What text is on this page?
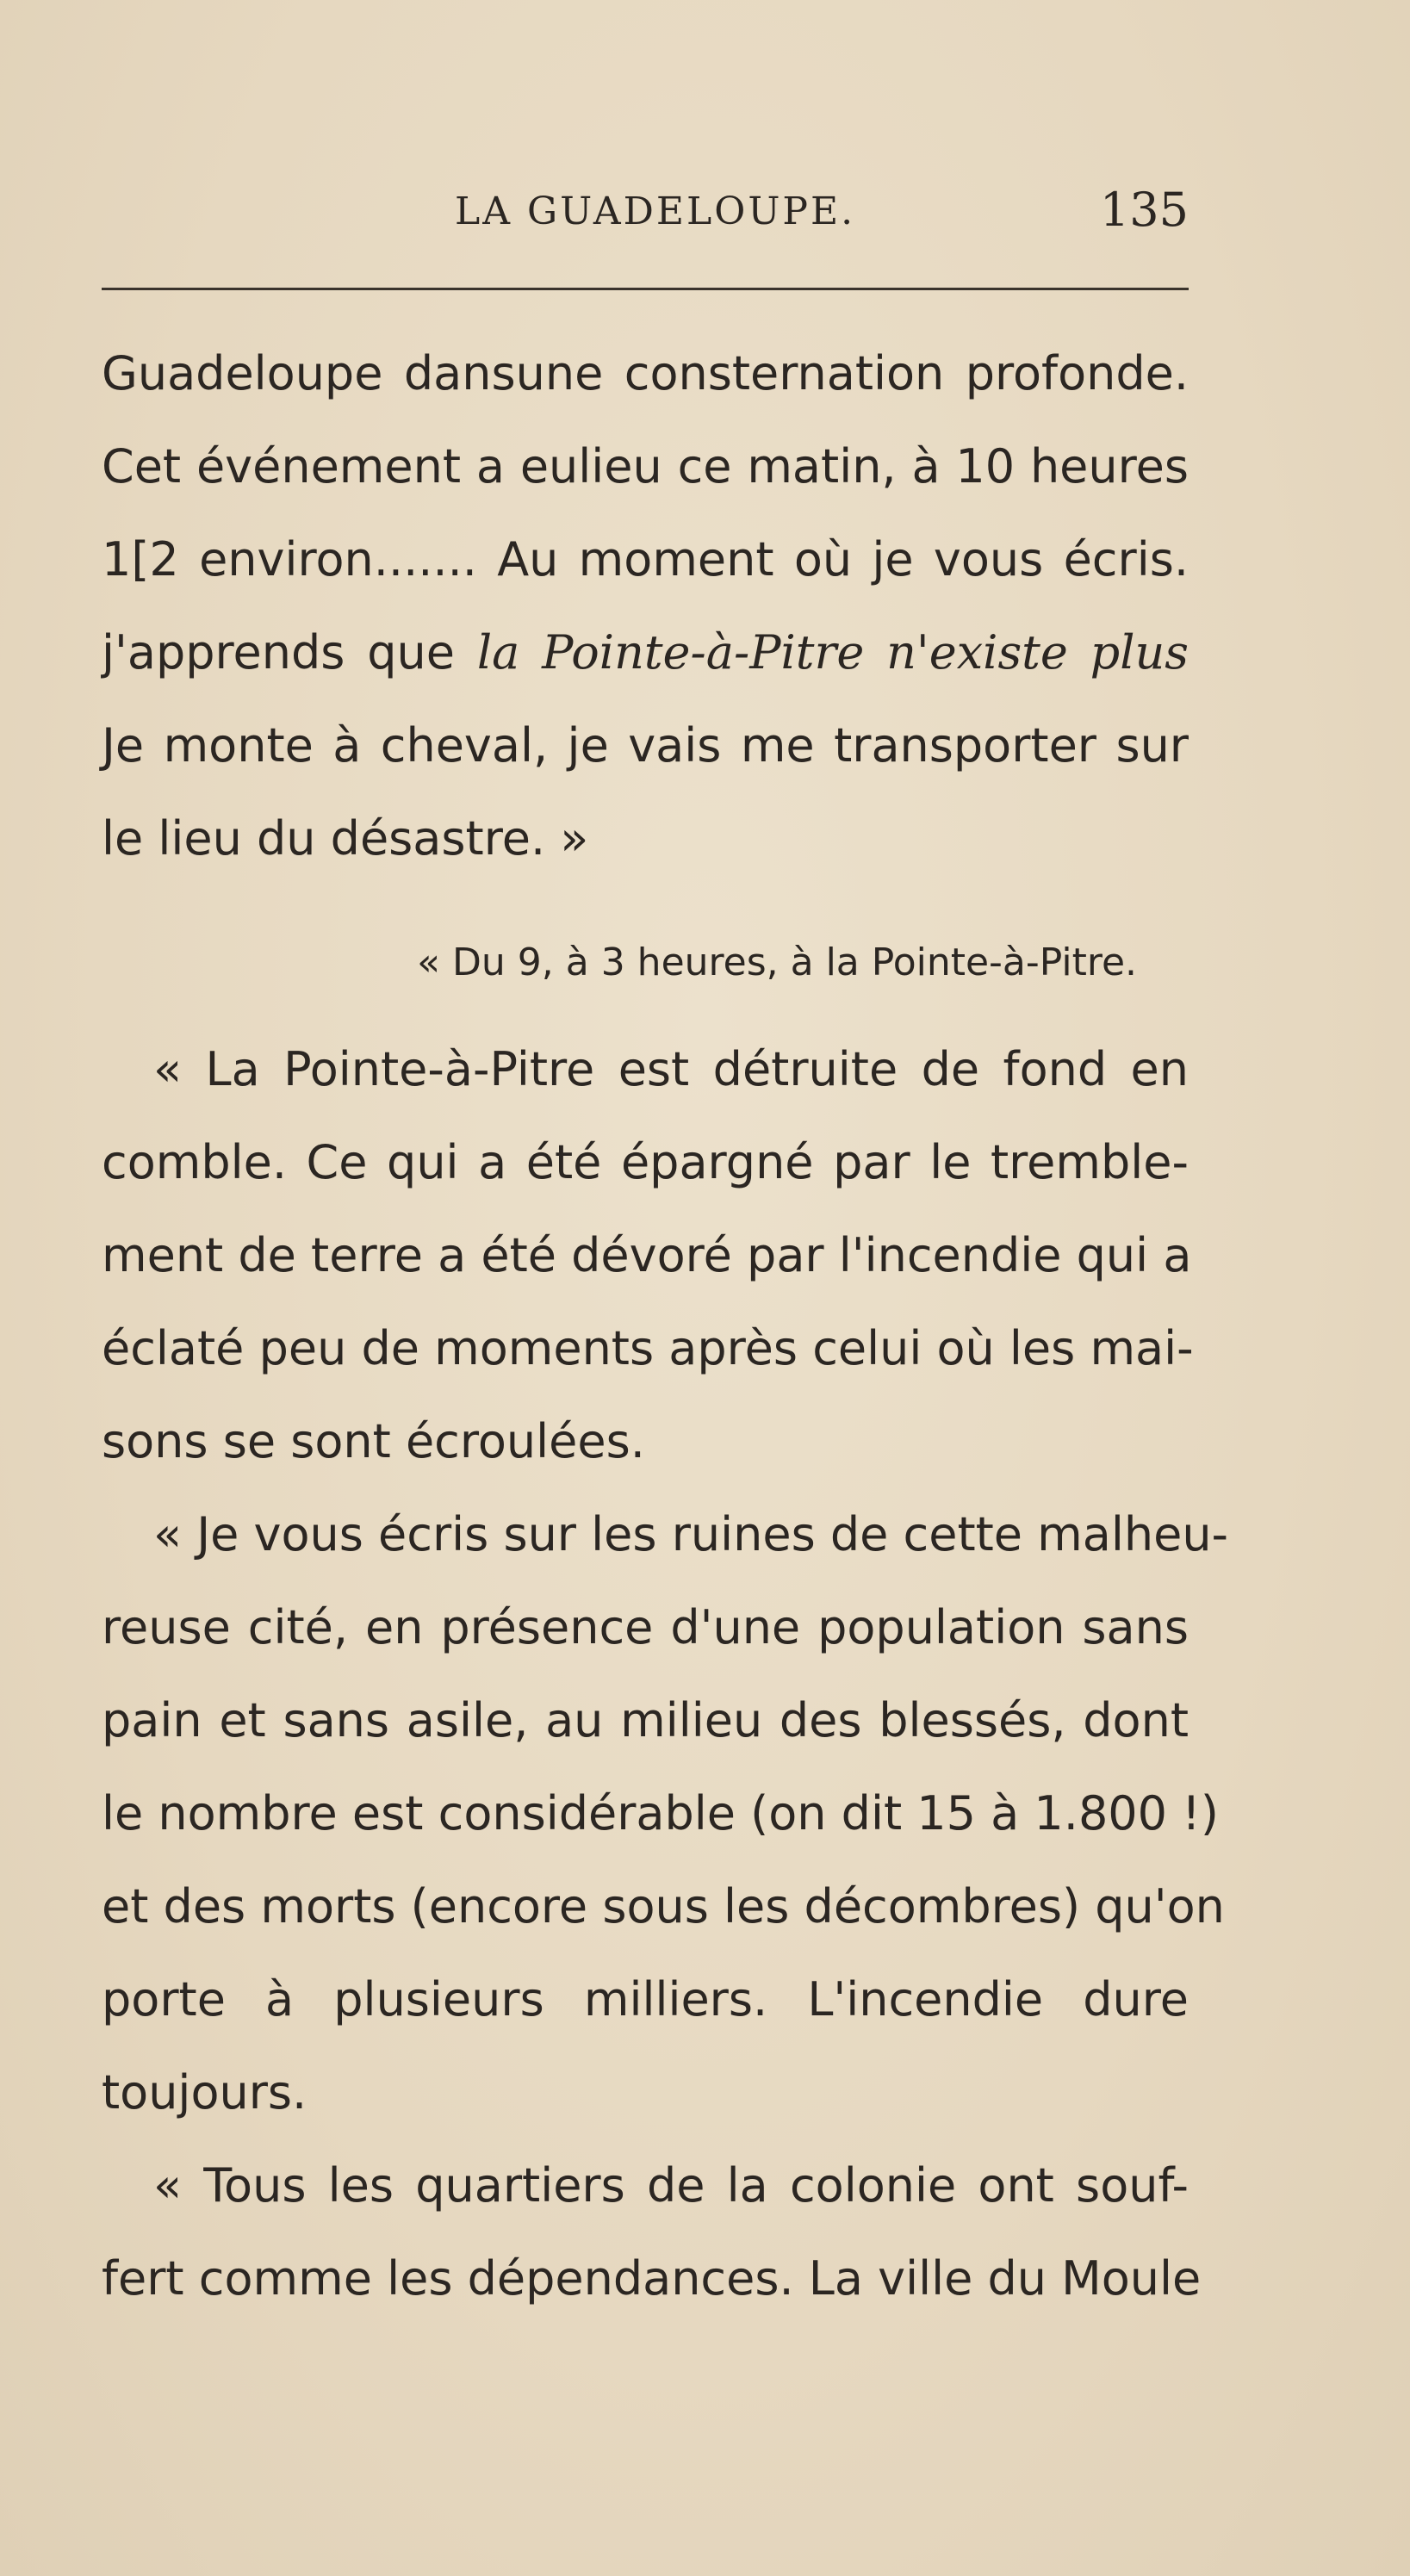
LA GUADELOUPE.	135
Guadeloupe dansune consternation profonde.
Cet événement a eulieu ce matin, à 10 heures
1[2 environ....... Au moment où je vous écris.
j'apprends que la Pointe-à-Pitre n'existe plus
Je monte à cheval, je vais me transporter sur
le lieu du désastre. »
« Du 9, à 3 heures, à la Pointe-à-Pitre.
« La Pointe-à-Pitre est détruite de fond en
comble. Ce qui a été épargné par le tremble-
ment de terre a été dévoré par l'incendie qui a
éclaté peu de moments après celui où les mai-
sons se sont écroulées.
« Je vous écris sur les ruines de cette malheu-
reuse cité, en présence d'une population sans
pain et sans asile, au milieu des blessés, dont
le nombre est considérable (on dit 15 à 1.800 !)
et des morts (encore sous les décombres) qu'on
porte à plusieurs milliers. L'incendie dure
toujours.
« Tous les quartiers de la colonie ont souf-
fert comme les dépendances. La ville du Moule
